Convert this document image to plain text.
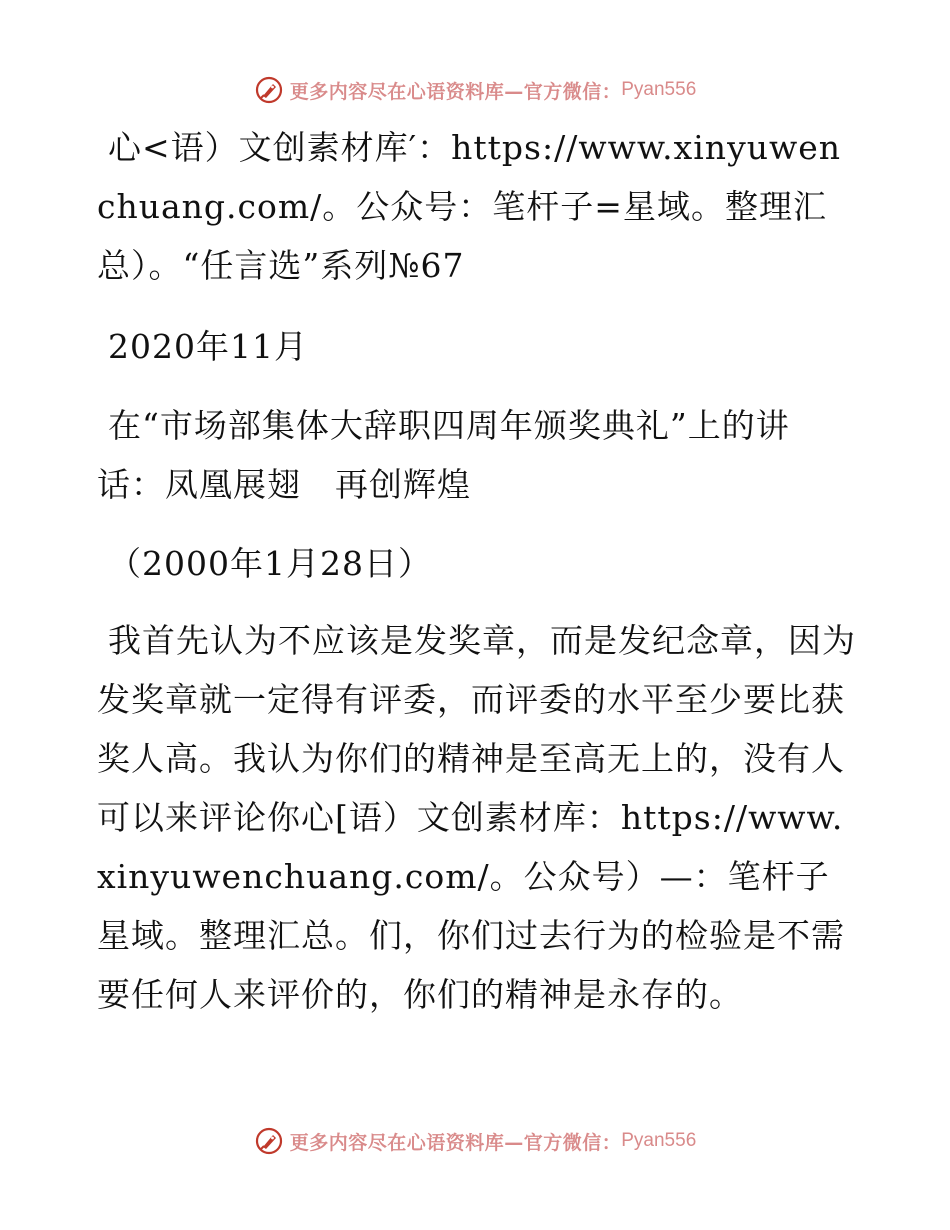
更多内容尽在心语资料库—官方微信： Pyan556

心<语）文创素材库′：https://www.xinyuwenchuang.com/。公众号：笔杆子=星域。整理汇总）。“任言选”系列№67

2020年11月

在“市场部集体大辞职四周年颁奖典礼”上的讲话：凤凰展翅　再创辉煌

（2000年1月28日）

我首先认为不应该是发奖章，而是发纪念章，因为发奖章就一定得有评委，而评委的水平至少要比获奖人高。我认为你们的精神是至高无上的，没有人可以来评论你心[语）文创素材库：https://www.xinyuwenchuang.com/。公众号）—：笔杆子星域。整理汇总。们，你们过去行为的检验是不需要任何人来评价的，你们的精神是永存的。

更多内容尽在心语资料库—官方微信： Pyan556
